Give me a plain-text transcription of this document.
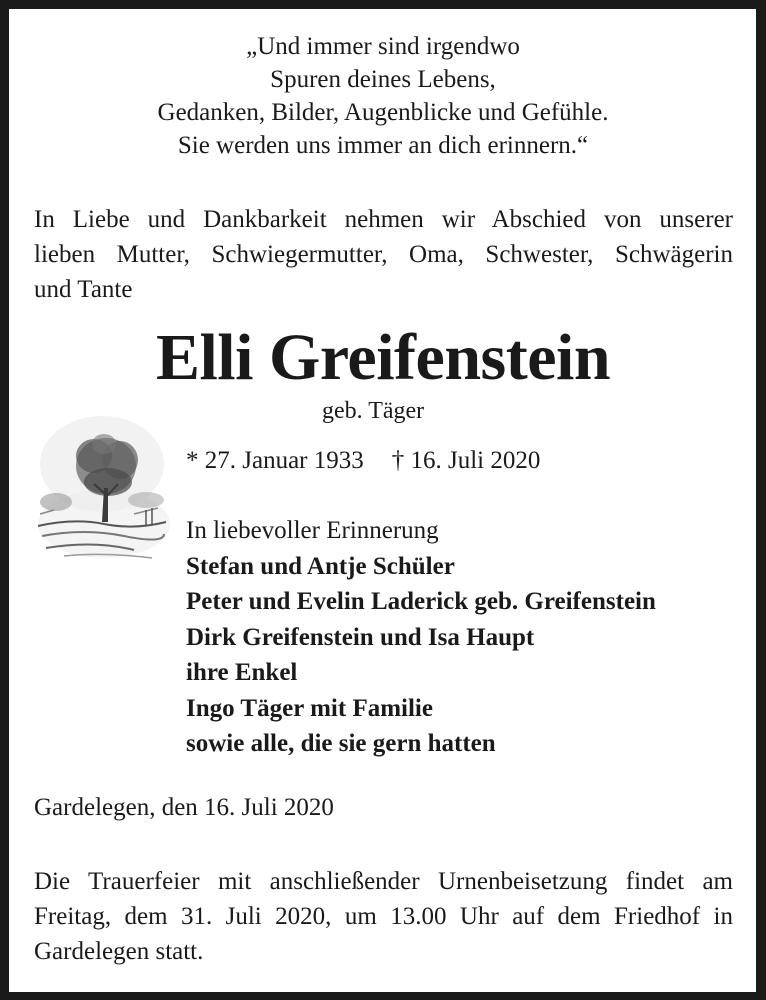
„Und immer sind irgendwo
Spuren deines Lebens,
Gedanken, Bilder, Augenblicke und Gefühle.
Sie werden uns immer an dich erinnern.“
In Liebe und Dankbarkeit nehmen wir Abschied von unserer
lieben Mutter, Schwiegermutter, Oma, Schwester, Schwägerin
und Tante
Elli Greifenstein
geb. Täger
* 27. Januar 1933 † 16. Juli 2020
In liebevoller Erinnerung
Stefan und Antje Schüler
Peter und Evelin Laderick geb. Greifenstein
Dirk Greifenstein und Isa Haupt
ihre Enkel
Ingo Täger mit Familie
sowie alle, die sie gern hatten
Gardelegen, den 16. Juli 2020
Die Trauerfeier mit anschließender Urnenbeisetzung findet am
Freitag, dem 31. Juli 2020, um 13.00 Uhr auf dem Friedhof in
Gardelegen statt.
